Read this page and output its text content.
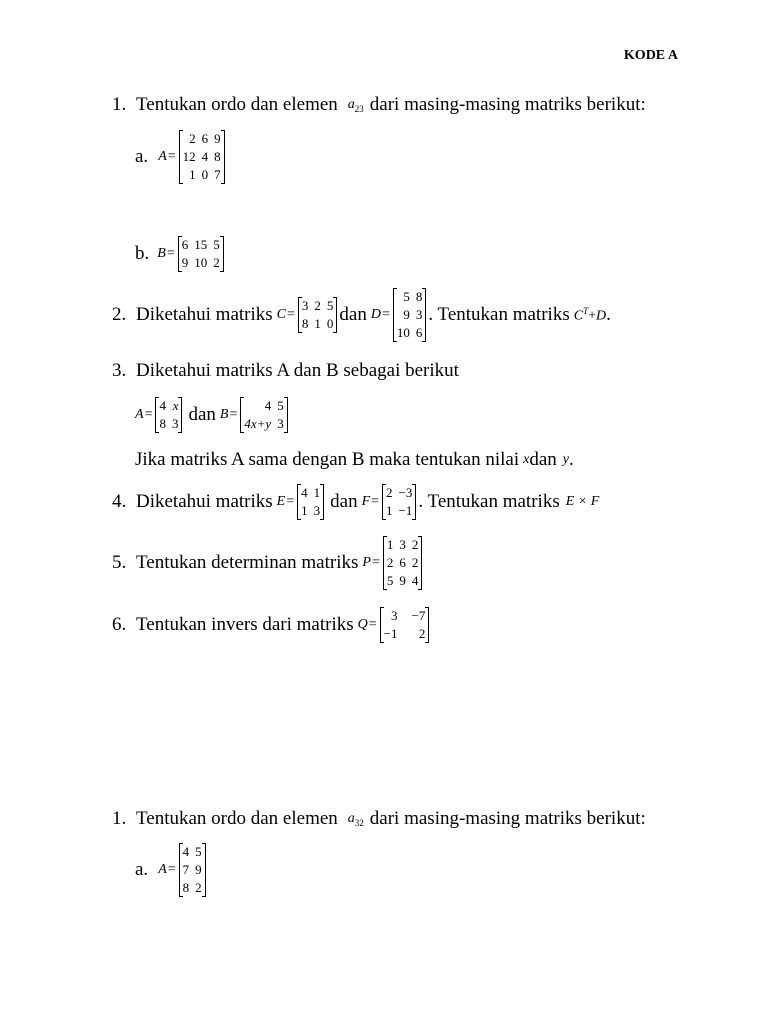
KODE A
1. Tentukan ordo dan elemen $a_{23}$ dari masing-masing matriks berikut:
a. A =
2 6 9
12 4 8
1 0 7
b. B =
6 15 5
9 10 2
2. Diketahui matriks C =
3 2 5
8 1 0 dan D =
5 8
9 3
10 6
. Tentukan matriks $C^T+D$ .
3. Diketahui matriks A dan B sebagai berikut
A =
4 x
8 3 dan B =
4 5
4x+y 3
Jika matriks A sama dengan B maka tentukan nilai x dan y .
4. Diketahui matriks E =
4 1
1 3 dan F =
2 −3
1 −1 . Tentukan matriks E × F
5. Tentukan determinan matriks P =
1 3 2
2 6 2
5 9 4
6. Tentukan invers dari matriks Q =
3 −7
−1	2
1. Tentukan ordo dan elemen $a_{32}$ dari masing-masing matriks berikut:
a. A =
4 5
7 9
8 2
